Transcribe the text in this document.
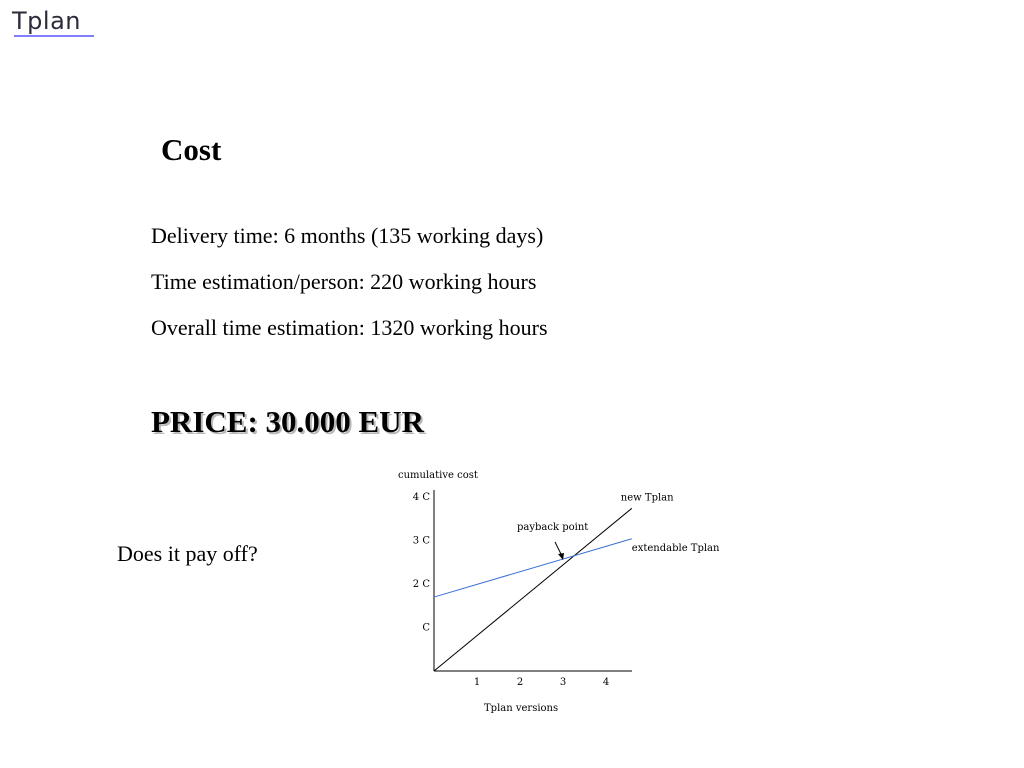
Tplan
Cost
Delivery time: 6 months (135 working days)
Time estimation/person: 220 working hours
Overall time estimation: 1320 working hours
PRICE: 30.000 EUR
Does it pay off?
cumulative cost
C
2 C
3 C
4 C
1	2	3	4
new Tplan
extendable Tplan
payback point
Tplan versions
